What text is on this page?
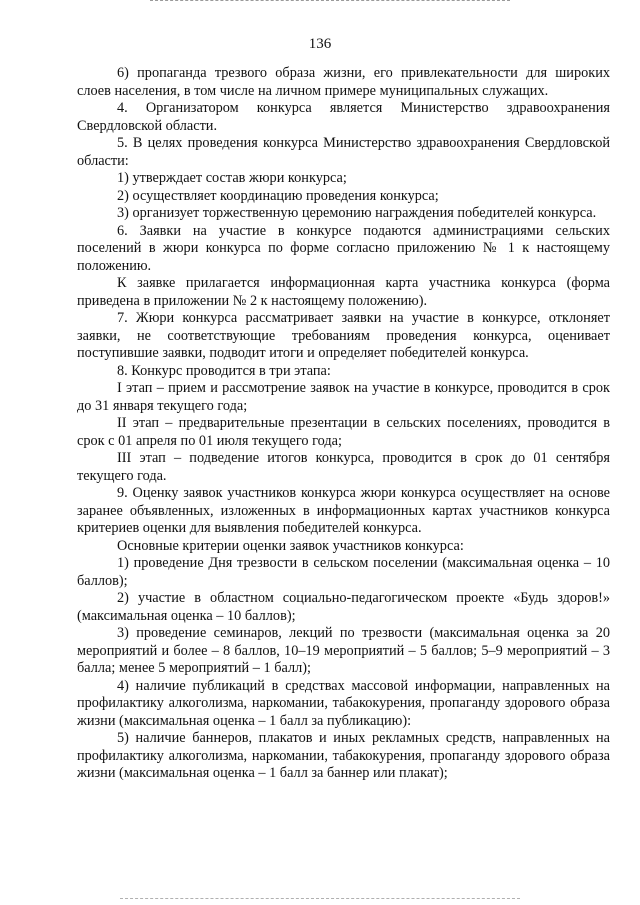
136

6) пропаганда трезвого образа жизни, его привлекательности для широких слоев населения, в том числе на личном примере муниципальных служащих.

4. Организатором конкурса является Министерство здравоохранения Свердловской области.

5. В целях проведения конкурса Министерство здравоохранения Свердловской области:

1) утверждает состав жюри конкурса;

2) осуществляет координацию проведения конкурса;

3) организует торжественную церемонию награждения победителей конкурса.

6. Заявки на участие в конкурсе подаются администрациями сельских поселений в жюри конкурса по форме согласно приложению № 1 к настоящему положению.

К заявке прилагается информационная карта участника конкурса (форма приведена в приложении № 2 к настоящему положению).

7. Жюри конкурса рассматривает заявки на участие в конкурсе, отклоняет заявки, не соответствующие требованиям проведения конкурса, оценивает поступившие заявки, подводит итоги и определяет победителей конкурса.

8. Конкурс проводится в три этапа:

I этап – прием и рассмотрение заявок на участие в конкурсе, проводится в срок до 31 января текущего года;

II этап – предварительные презентации в сельских поселениях, проводится в срок с 01 апреля по 01 июля текущего года;

III этап – подведение итогов конкурса, проводится в срок до 01 сентября текущего года.

9. Оценку заявок участников конкурса жюри конкурса осуществляет на основе заранее объявленных, изложенных в информационных картах участников конкурса критериев оценки для выявления победителей конкурса.

Основные критерии оценки заявок участников конкурса:

1) проведение Дня трезвости в сельском поселении (максимальная оценка – 10 баллов);

2) участие в областном социально-педагогическом проекте «Будь здоров!» (максимальная оценка – 10 баллов);

3) проведение семинаров, лекций по трезвости (максимальная оценка за 20 мероприятий и более – 8 баллов, 10–19 мероприятий – 5 баллов; 5–9 мероприятий – 3 балла; менее 5 мероприятий – 1 балл);

4) наличие публикаций в средствах массовой информации, направленных на профилактику алкоголизма, наркомании, табакокурения, пропаганду здорового образа жизни (максимальная оценка – 1 балл за публикацию):

5) наличие баннеров, плакатов и иных рекламных средств, направленных на профилактику алкоголизма, наркомании, табакокурения, пропаганду здорового образа жизни (максимальная оценка – 1 балл за баннер или плакат);
